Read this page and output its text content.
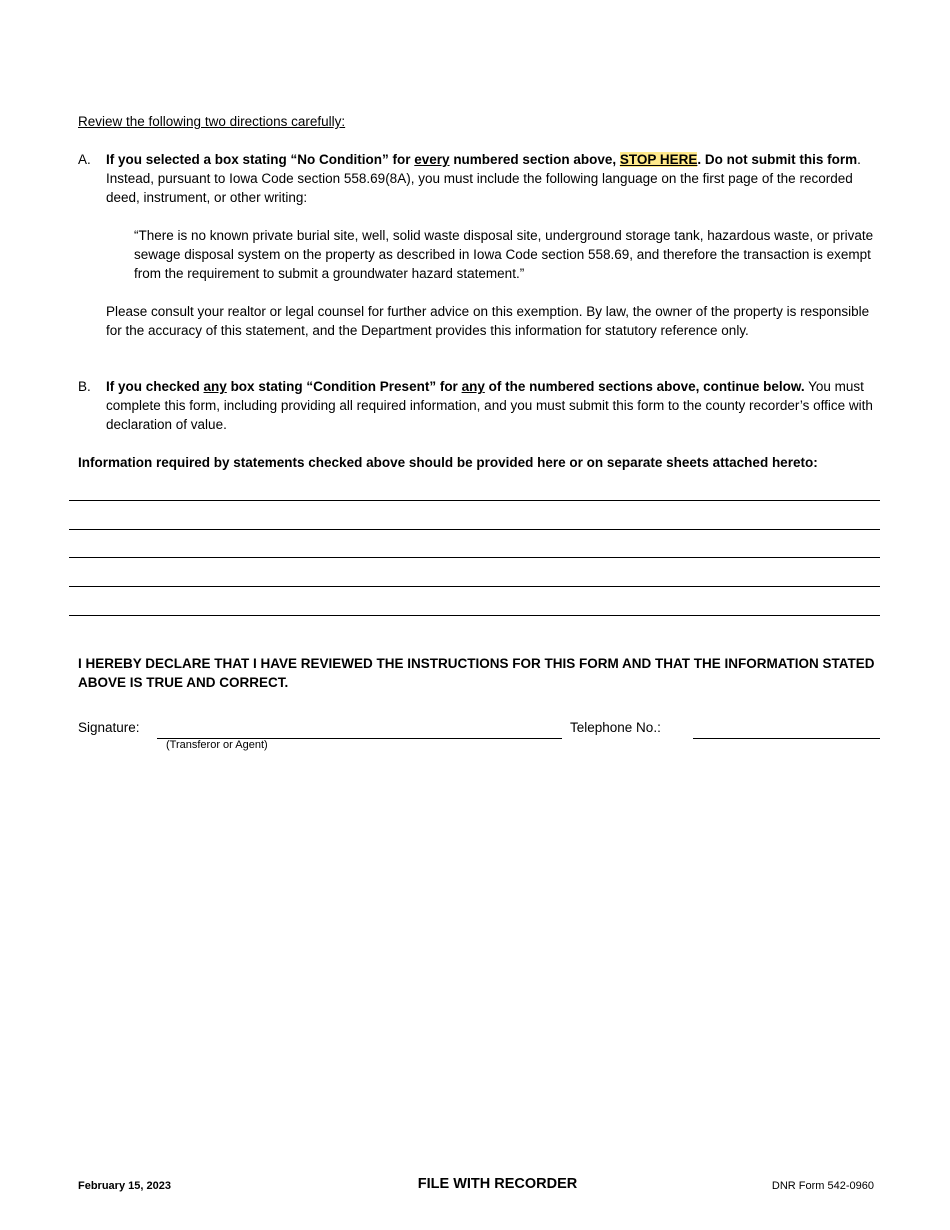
Review the following two directions carefully:
A. If you selected a box stating “No Condition” for every numbered section above, STOP HERE. Do not submit this form. Instead, pursuant to Iowa Code section 558.69(8A), you must include the following language on the first page of the recorded deed, instrument, or other writing:
“There is no known private burial site, well, solid waste disposal site, underground storage tank, hazardous waste, or private sewage disposal system on the property as described in Iowa Code section 558.69, and therefore the transaction is exempt from the requirement to submit a groundwater hazard statement.”
Please consult your realtor or legal counsel for further advice on this exemption. By law, the owner of the property is responsible for the accuracy of this statement, and the Department provides this information for statutory reference only.
B. If you checked any box stating “Condition Present” for any of the numbered sections above, continue below. You must complete this form, including providing all required information, and you must submit this form to the county recorder’s office with declaration of value.
Information required by statements checked above should be provided here or on separate sheets attached hereto:
I HEREBY DECLARE THAT I HAVE REVIEWED THE INSTRUCTIONS FOR THIS FORM AND THAT THE INFORMATION STATED ABOVE IS TRUE AND CORRECT.
Signature:
(Transferor or Agent)
Telephone No.:
February 15, 2023	FILE WITH RECORDER	DNR Form 542-0960
